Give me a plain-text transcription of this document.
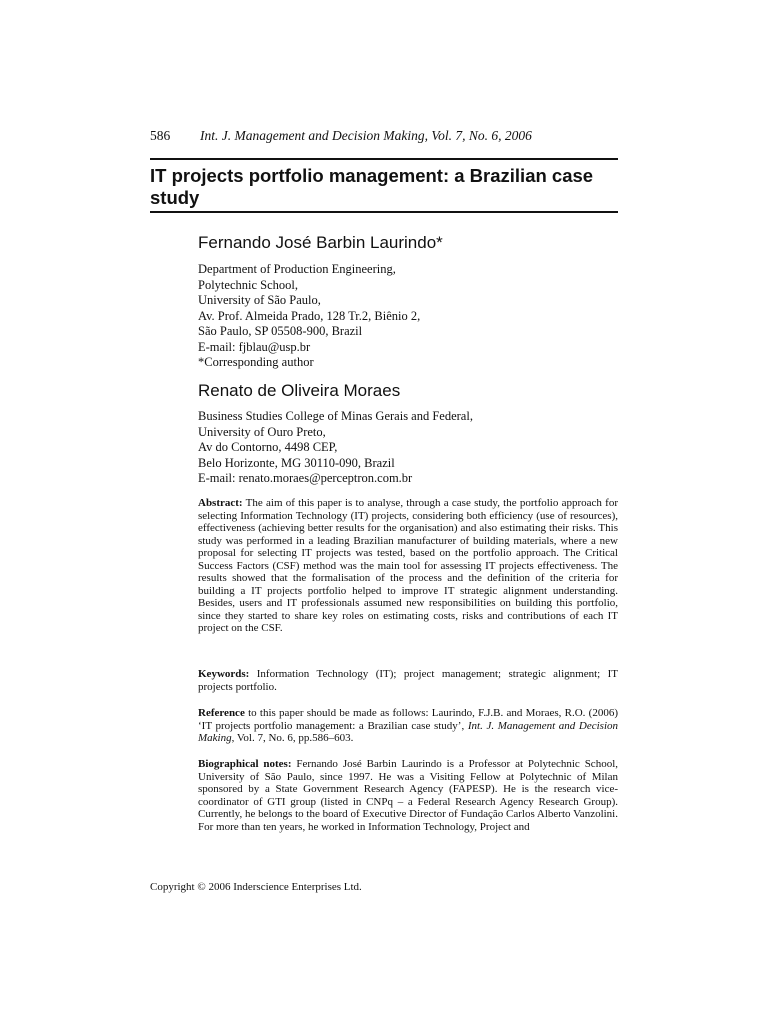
586 Int. J. Management and Decision Making, Vol. 7, No. 6, 2006
IT projects portfolio management: a Brazilian case study
Fernando José Barbin Laurindo*
Department of Production Engineering,
Polytechnic School,
University of São Paulo,
Av. Prof. Almeida Prado, 128 Tr.2, Biênio 2,
São Paulo, SP 05508-900, Brazil
E-mail: fjblau@usp.br
*Corresponding author
Renato de Oliveira Moraes
Business Studies College of Minas Gerais and Federal,
University of Ouro Preto,
Av do Contorno, 4498 CEP,
Belo Horizonte, MG 30110-090, Brazil
E-mail: renato.moraes@perceptron.com.br
Abstract: The aim of this paper is to analyse, through a case study, the portfolio approach for selecting Information Technology (IT) projects, considering both efficiency (use of resources), effectiveness (achieving better results for the organisation) and also estimating their risks. This study was performed in a leading Brazilian manufacturer of building materials, where a new proposal for selecting IT projects was tested, based on the portfolio approach. The Critical Success Factors (CSF) method was the main tool for assessing IT projects effectiveness. The results showed that the formalisation of the process and the definition of the criteria for building a IT projects portfolio helped to improve IT strategic alignment understanding. Besides, users and IT professionals assumed new responsibilities on building this portfolio, since they started to share key roles on estimating costs, risks and contributions of each IT project on the CSF.
Keywords: Information Technology (IT); project management; strategic alignment; IT projects portfolio.
Reference to this paper should be made as follows: Laurindo, F.J.B. and Moraes, R.O. (2006) ‘IT projects portfolio management: a Brazilian case study’, Int. J. Management and Decision Making, Vol. 7, No. 6, pp.586–603.
Biographical notes: Fernando José Barbin Laurindo is a Professor at Polytechnic School, University of São Paulo, since 1997. He was a Visiting Fellow at Polytechnic of Milan sponsored by a State Government Research Agency (FAPESP). He is the research vice-coordinator of GTI group (listed in CNPq – a Federal Research Agency Research Group). Currently, he belongs to the board of Executive Director of Fundação Carlos Alberto Vanzolini. For more than ten years, he worked in Information Technology, Project and
Copyright © 2006 Inderscience Enterprises Ltd.
